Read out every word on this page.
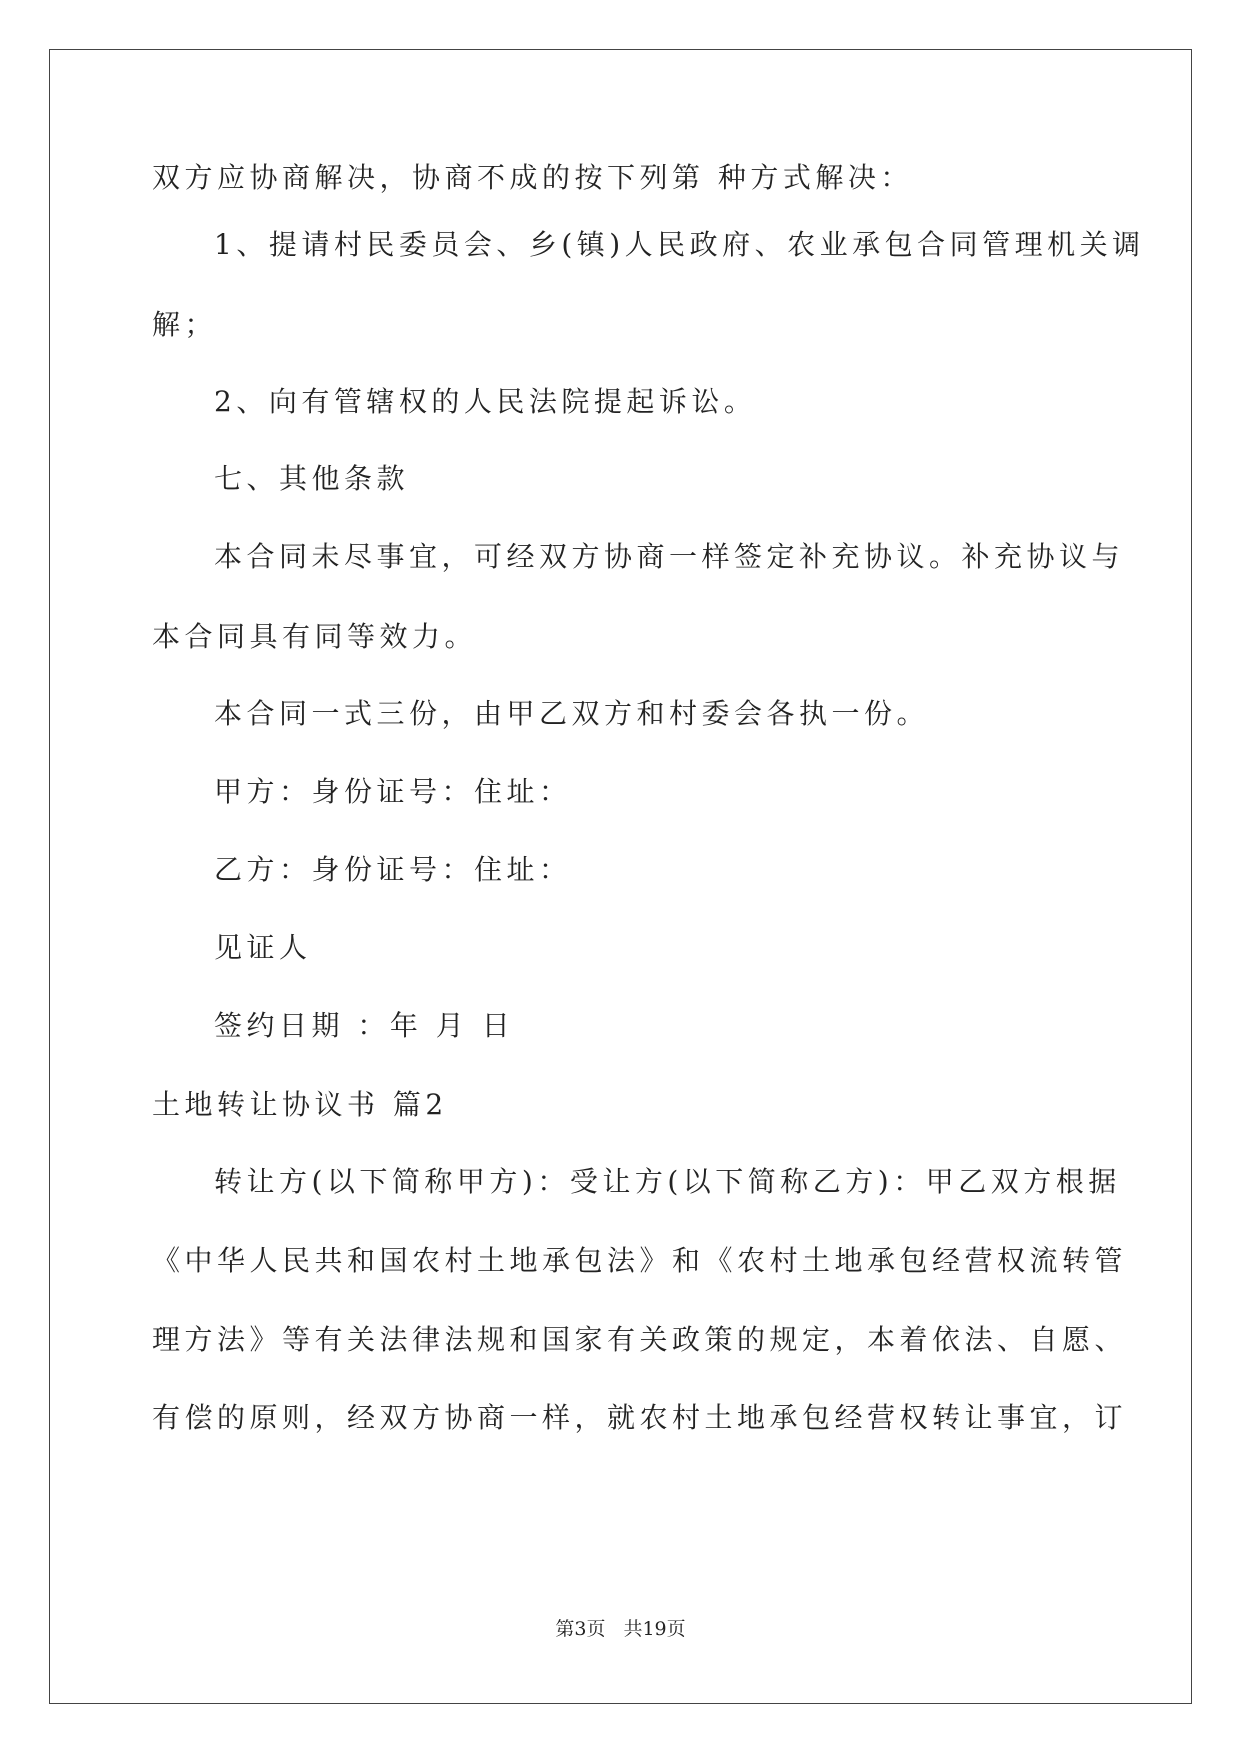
双方应协商解决，协商不成的按下列第 种方式解决：
1、提请村民委员会、乡(镇)人民政府、农业承包合同管理机关调
解；
2、向有管辖权的人民法院提起诉讼。
七、其他条款
本合同未尽事宜，可经双方协商一样签定补充协议。补充协议与
本合同具有同等效力。
本合同一式三份，由甲乙双方和村委会各执一份。
甲方：身份证号：住址：
乙方：身份证号：住址：
见证人
签约日期 ：年 月 日
土地转让协议书 篇2
转让方(以下简称甲方)：受让方(以下简称乙方)：甲乙双方根据
《中华人民共和国农村土地承包法》和《农村土地承包经营权流转管
理方法》等有关法律法规和国家有关政策的规定，本着依法、自愿、
有偿的原则，经双方协商一样，就农村土地承包经营权转让事宜，订
第3页 共19页
